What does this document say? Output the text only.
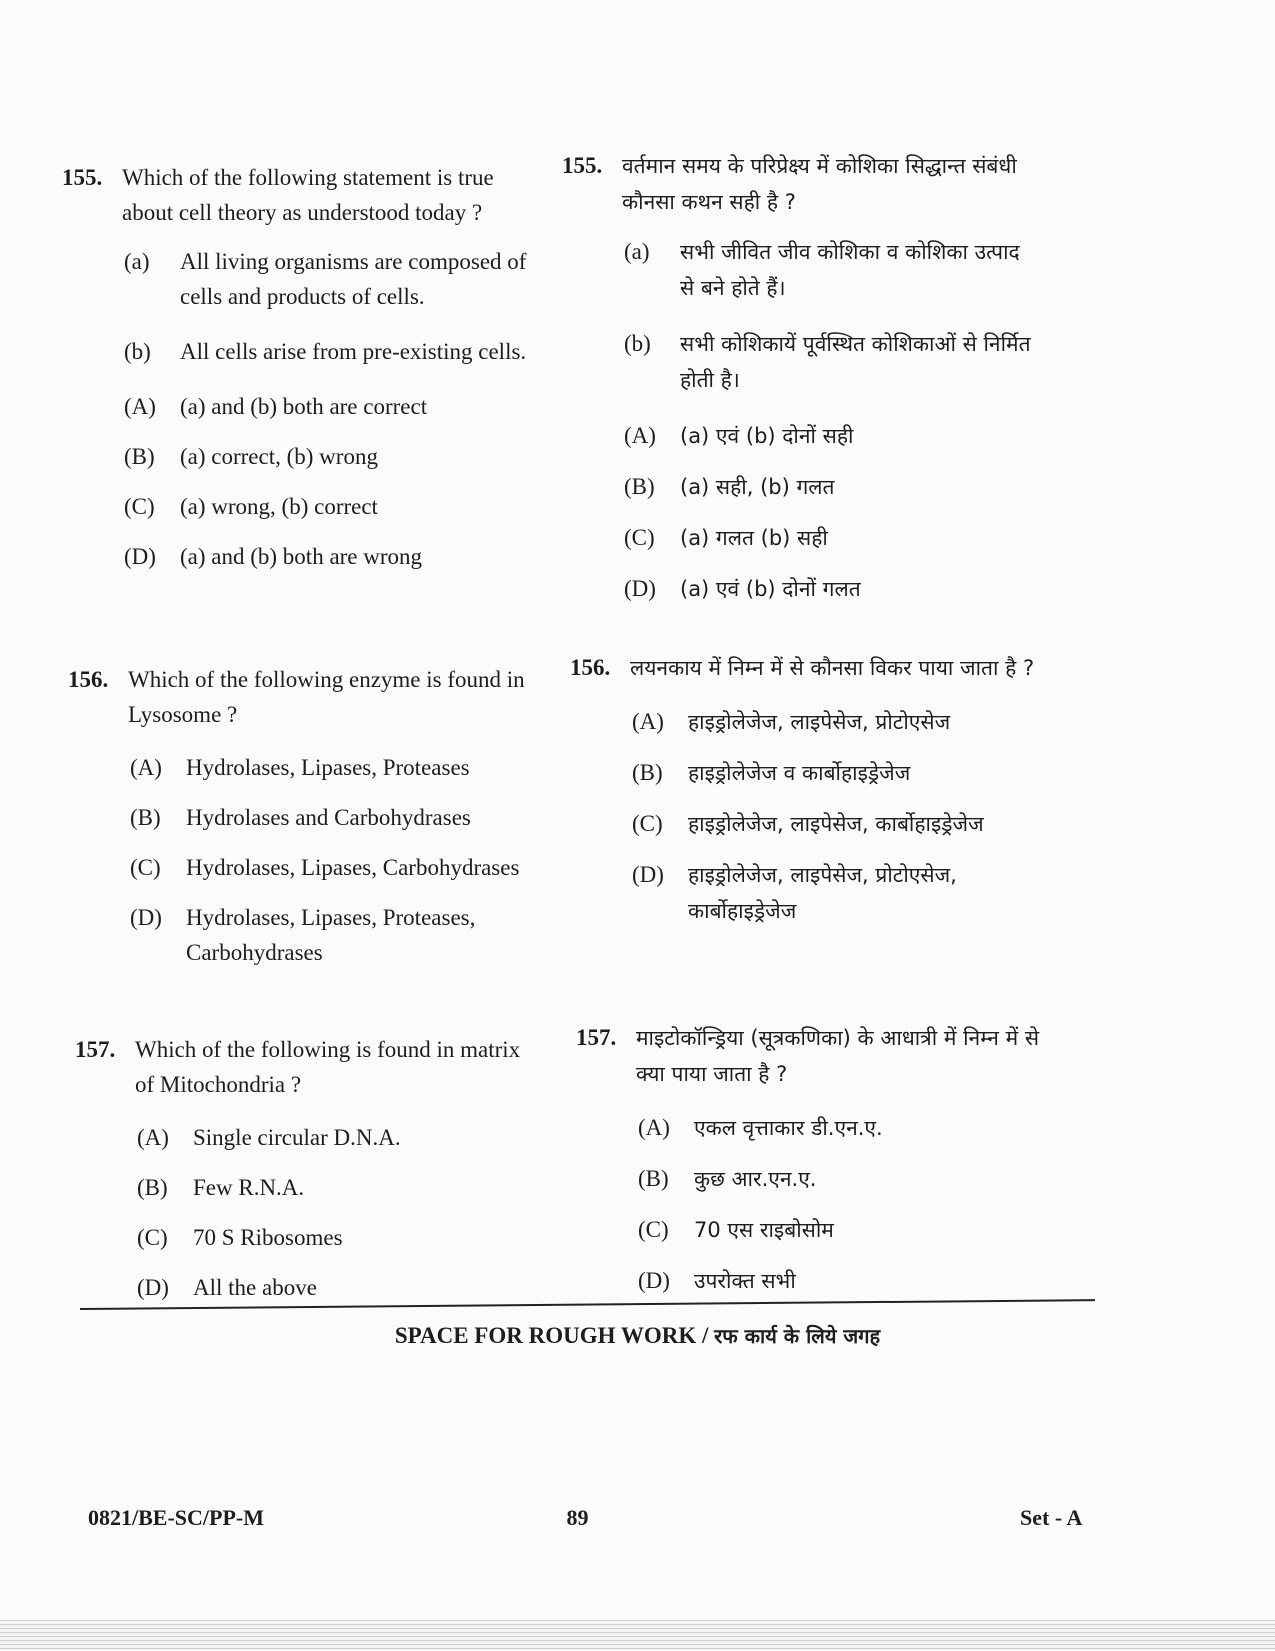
155. Which of the following statement is true about cell theory as understood today ?
(a) All living organisms are composed of cells and products of cells.
(b) All cells arise from pre-existing cells.
(A) (a) and (b) both are correct
(B) (a) correct, (b) wrong
(C) (a) wrong, (b) correct
(D) (a) and (b) both are wrong
155. वर्तमान समय के परिप्रेक्ष्य में कोशिका सिद्धान्त संबंधी कौनसा कथन सही है ?
(a) सभी जीवित जीव कोशिका व कोशिका उत्पाद से बने होते हैं।
(b) सभी कोशिकायें पूर्वस्थित कोशिकाओं से निर्मित होती है।
(A) (a) एवं (b) दोनों सही
(B) (a) सही, (b) गलत
(C) (a) गलत (b) सही
(D) (a) एवं (b) दोनों गलत
156. Which of the following enzyme is found in Lysosome ?
(A) Hydrolases, Lipases, Proteases
(B) Hydrolases and Carbohydrases
(C) Hydrolases, Lipases, Carbohydrases
(D) Hydrolases, Lipases, Proteases, Carbohydrases
156. लयनकाय में निम्न में से कौनसा विकर पाया जाता है ?
(A) हाइड्रोलेजेज, लाइपेसेज, प्रोटोएसेज
(B) हाइड्रोलेजेज व कार्बोहाइड्रेजेज
(C) हाइड्रोलेजेज, लाइपेसेज, कार्बोहाइड्रेजेज
(D) हाइड्रोलेजेज, लाइपेसेज, प्रोटोएसेज, कार्बोहाइड्रेजेज
157. Which of the following is found in matrix of Mitochondria ?
(A) Single circular D.N.A.
(B) Few R.N.A.
(C) 70 S Ribosomes
(D) All the above
157. माइटोकॉन्ड्रिया (सूत्रकणिका) के आधात्री में निम्न में से क्या पाया जाता है ?
(A) एकल वृत्ताकार डी.एन.ए.
(B) कुछ आर.एन.ए.
(C) 70 एस राइबोसोम
(D) उपरोक्त सभी
SPACE FOR ROUGH WORK / रफ कार्य के लिये जगह
0821/BE-SC/PP-M	89	Set - A
